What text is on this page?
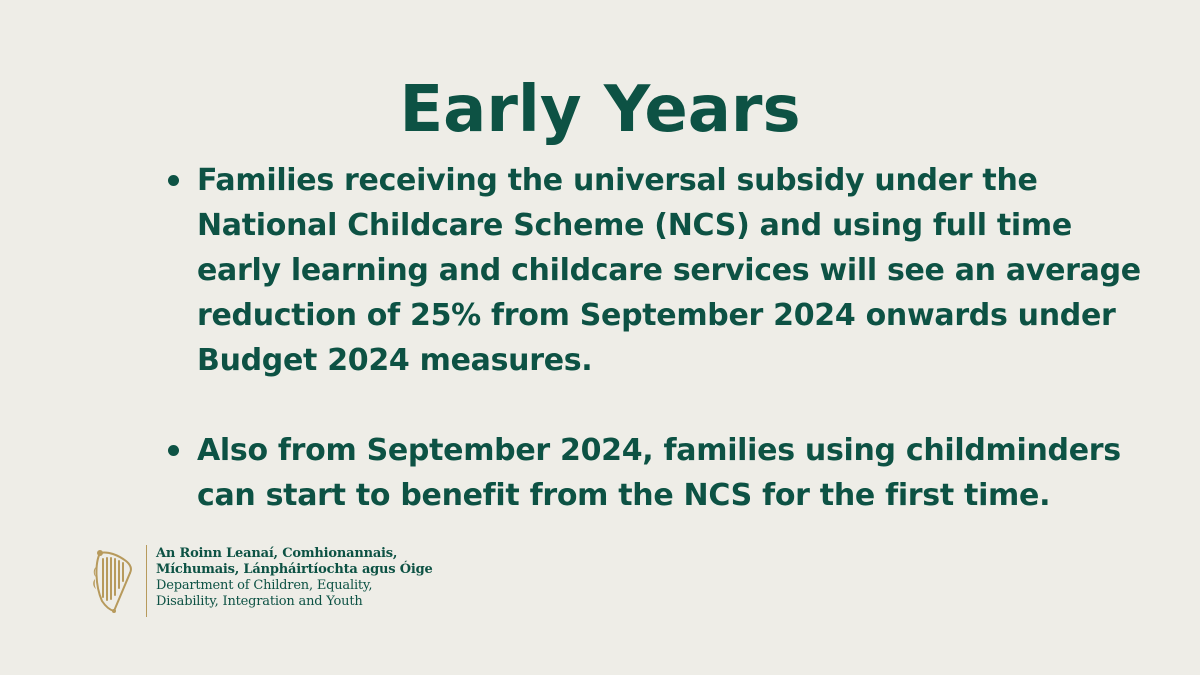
Early Years
Families receiving the universal subsidy under the National Childcare Scheme (NCS) and using full time early learning and childcare services will see an average reduction of 25% from September 2024 onwards under Budget 2024 measures.
Also from September 2024, families using childminders can start to benefit from the NCS for the first time.
An Roinn Leanaí, Comhionannais,
Míchumais, Lánpháirtíochta agus Óige
Department of Children, Equality,
Disability, Integration and Youth
